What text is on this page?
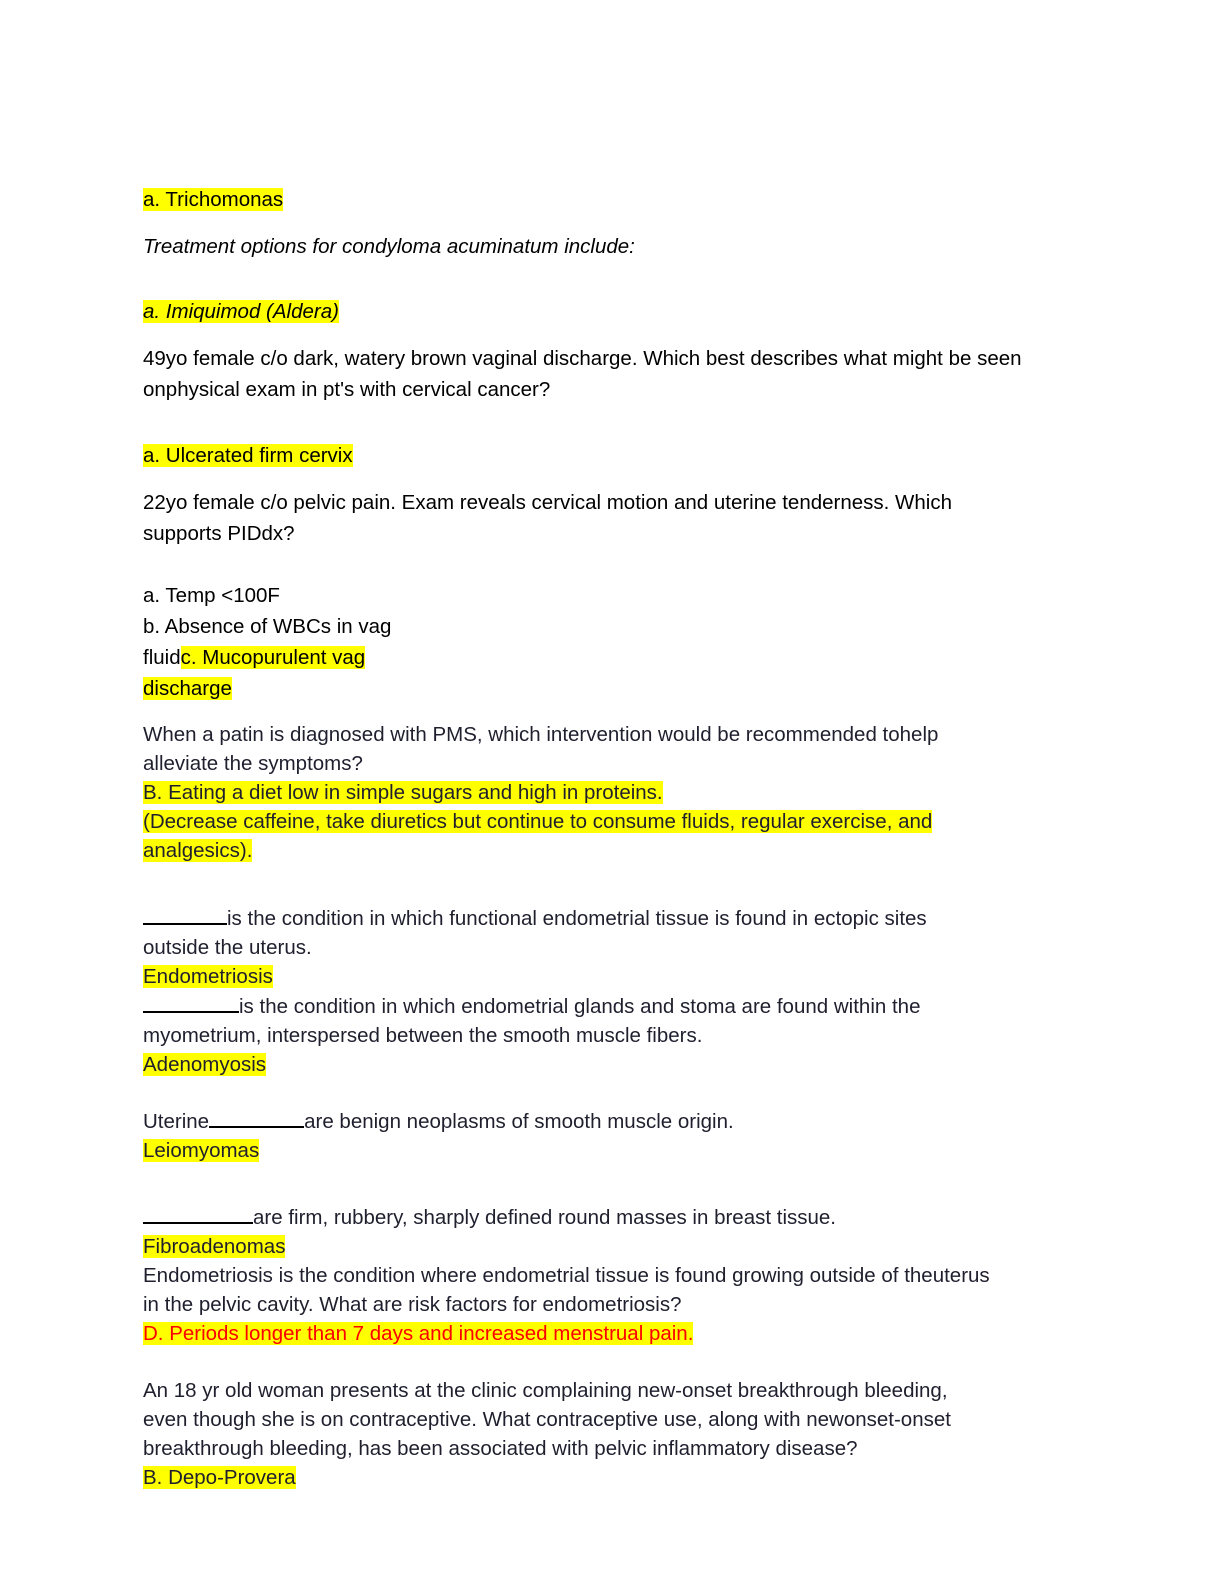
a. Trichomonas

Treatment options for condyloma acuminatum include:

a. Imiquimod (Aldera)

49yo female c/o dark, watery brown vaginal discharge. Which best describes what might be seen
onphysical exam in pt's with cervical cancer?

a. Ulcerated firm cervix

22yo female c/o pelvic pain. Exam reveals cervical motion and uterine tenderness. Which
supports PIDdx?

a. Temp <100F
b. Absence of WBCs in vag
fluidc. Mucopurulent vag
discharge

When a patin is diagnosed with PMS, which intervention would be recommended tohelp
alleviate the symptoms?
B. Eating a diet low in simple sugars and high in proteins.
(Decrease caffeine, take diuretics but continue to consume fluids, regular exercise, and
analgesics).

is the condition in which functional endometrial tissue is found in ectopic sites
outside the uterus.
Endometriosis
is the condition in which endometrial glands and stoma are found within the
myometrium, interspersed between the smooth muscle fibers.
Adenomyosis

Uterine	are benign neoplasms of smooth muscle origin.
Leiomyomas

are firm, rubbery, sharply defined round masses in breast tissue.
Fibroadenomas
Endometriosis is the condition where endometrial tissue is found growing outside of theuterus
in the pelvic cavity. What are risk factors for endometriosis?
D. Periods longer than 7 days and increased menstrual pain.

An 18 yr old woman presents at the clinic complaining new-onset breakthrough bleeding,
even though she is on contraceptive. What contraceptive use, along with newonset-onset
breakthrough bleeding, has been associated with pelvic inflammatory disease?
B. Depo-Provera
